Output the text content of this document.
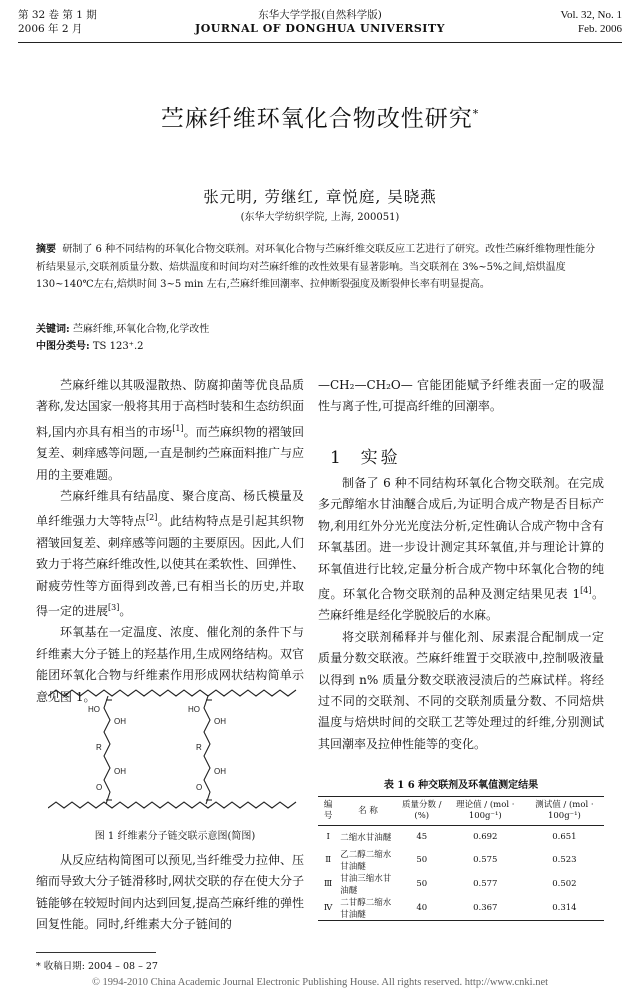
第 32 卷 第 1 期
2006 年 2 月
东华大学学报(自然科学版)
JOURNAL OF DONGHUA UNIVERSITY
Vol. 32, No. 1
Feb. 2006
苎麻纤维环氧化合物改性研究*
张元明, 劳继红, 章悦庭, 吴晓燕
(东华大学纺织学院, 上海, 200051)
摘要 研制了 6 种不同结构的环氧化合物交联剂。对环氧化合物与苎麻纤维交联反应工艺进行了研究。改性苎麻纤维物理性能分析结果显示,交联剂质量分数、焙烘温度和时间均对苎麻纤维的改性效果有显著影响。当交联剂在 3%~5%之间,焙烘温度 130~140℃左右,焙烘时间 3~5 min 左右,苎麻纤维回潮率、拉伸断裂强度及断裂伸长率有明显提高。
关键词: 苎麻纤维,环氧化合物,化学改性
中图分类号: TS 123⁺.2

苎麻纤维以其吸湿散热、防腐抑菌等优良品质著称,发达国家一般将其用于高档时装和生态纺织面料,国内亦具有相当的市场[1]。而苎麻织物的褶皱回复差、刺痒感等问题,一直是制约苎麻面料推广与应用的主要难题。

苎麻纤维具有结晶度、聚合度高、杨氏模量及单纤维强力大等特点[2]。此结构特点是引起其织物褶皱回复差、刺痒感等问题的主要原因。因此,人们致力于将苎麻纤维改性,以使其在柔软性、回弹性、耐疲劳性等方面得到改善,已有相当长的历史,并取得一定的进展[3]。

环氧基在一定温度、浓度、催化剂的条件下与纤维素大分子链上的羟基作用,生成网络结构。双官能团环氧化合物与纤维素作用形成网状结构简单示意见图 1。

HO
OH
R
OH
O
HO
OH
R
OH
O
图 1 纤维素分子链交联示意图(简图)

从反应结构简图可以预见,当纤维受力拉伸、压缩而导致大分子链滑移时,网状交联的存在使大分子链能够在较短时间内达到回复,提高苎麻纤维的弹性回复性能。同时,纤维素大分子链间的

—CH₂—CH₂O— 官能团能赋予纤维表面一定的吸湿性与离子性,可提高纤维的回潮率。

1 实验

制备了 6 种不同结构环氧化合物交联剂。在完成多元醇缩水甘油醚合成后,为证明合成产物是否目标产物,利用红外分光光度法分析,定性确认合成产物中含有环氧基团。进一步设计测定其环氧值,并与理论计算的环氧值进行比较,定量分析合成产物中环氧化合物的纯度。环氧化合物交联剂的品种及测定结果见表 1[4]。苎麻纤维是经化学脱胶后的水麻。

将交联剂稀释并与催化剂、尿素混合配制成一定质量分数交联液。苎麻纤维置于交联液中,控制吸液量以得到 n% 质量分数交联液浸渍后的苎麻试样。将经过不同的交联剂、不同的交联剂质量分数、不同焙烘温度与焙烘时间的交联工艺等处理过的纤维,分别测试其回潮率及拉伸性能等的变化。

表 1 6 种交联剂及环氧值测定结果
编 号	名 称	质量分数 / (%)	理论值 / (mol · 100g⁻¹)	测试值 / (mol · 100g⁻¹)
Ⅰ	二缩水甘油醚	45	0.692	0.651
Ⅱ	乙二醇二缩水甘油醚	50	0.575	0.523
Ⅲ	甘油三缩水甘油醚	50	0.577	0.502
Ⅳ	二甘醇二缩水甘油醚	40	0.367	0.314
* 收稿日期: 2004 – 08 – 27
© 1994-2010 China Academic Journal Electronic Publishing House. All rights reserved. http://www.cnki.net
